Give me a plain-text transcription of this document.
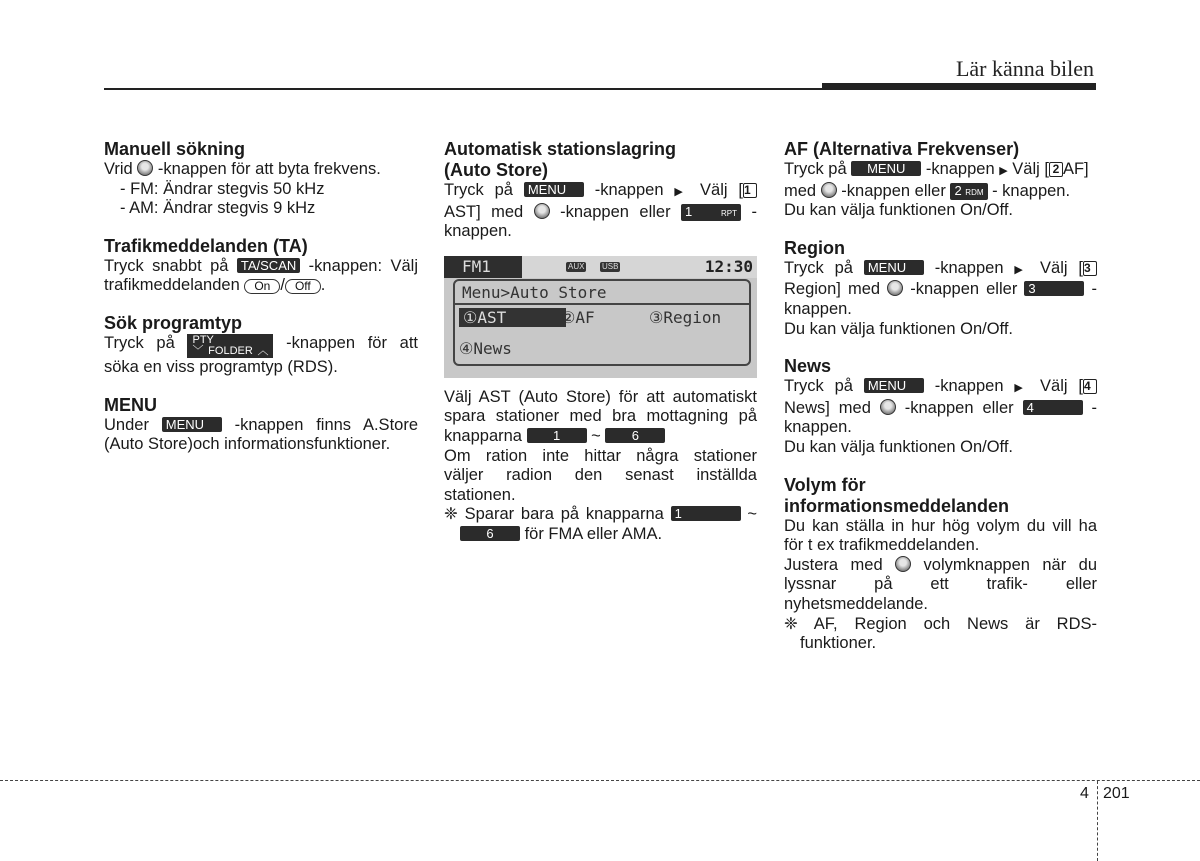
Lär känna bilen
Manuell sökning

Vrid  -knappen för att byta frekvens.

- FM: Ändrar stegvis 50 kHz

- AM: Ändrar stegvis 9 kHz

Trafikmeddelanden (TA)

Tryck snabbt på TA/SCAN -knappen: Välj

trafikmeddelanden On / Off .

Sök programtyp

Tryck på PTY
﹀FOLDER︿ -knappen för att

söka en viss programtyp (RDS).

MENU

Under MENU -knappen finns A.Store

(Auto Store)och informationsfunktioner.

Automatisk stationslagring
(Auto Store)

Tryck på MENU -knappen ▶ Välj [1

AST] med  -knappen eller 1	RPT -

knappen.

FM1	AUX USB	12:30
Menu>Auto Store
①AST	②AF	③Region
④News

Välj AST (Auto Store) för att automatiskt

spara stationer med bra mottagning på

knapparna 1 ~ 6

Om ration inte hittar några stationer

väljer radion den senast inställda

stationen.

❈ Sparar bara på knapparna 1	~

6 för FMA eller AMA.

AF (Alternativa Frekvenser)

Tryck på MENU -knappen ▶ Välj [ 2 AF]

med  -knappen eller 2 RDM - knappen.

Du kan välja funktionen On/Off.

Region

Tryck på MENU -knappen ▶ Välj [3

Region] med  -knappen eller 3	-

knappen.

Du kan välja funktionen On/Off.

News

Tryck på MENU -knappen ▶ Välj [4

News] med  -knappen eller 4	-

knappen.

Du kan välja funktionen On/Off.

Volym för
informationsmeddelanden

Du kan ställa in hur hög volym du vill ha

för t ex trafikmeddelanden.

Justera med  volymknappen när du

lyssnar på ett trafik- eller

nyhetsmeddelande.

❈ AF, Region och News är RDS-

funktioner.

4 201
